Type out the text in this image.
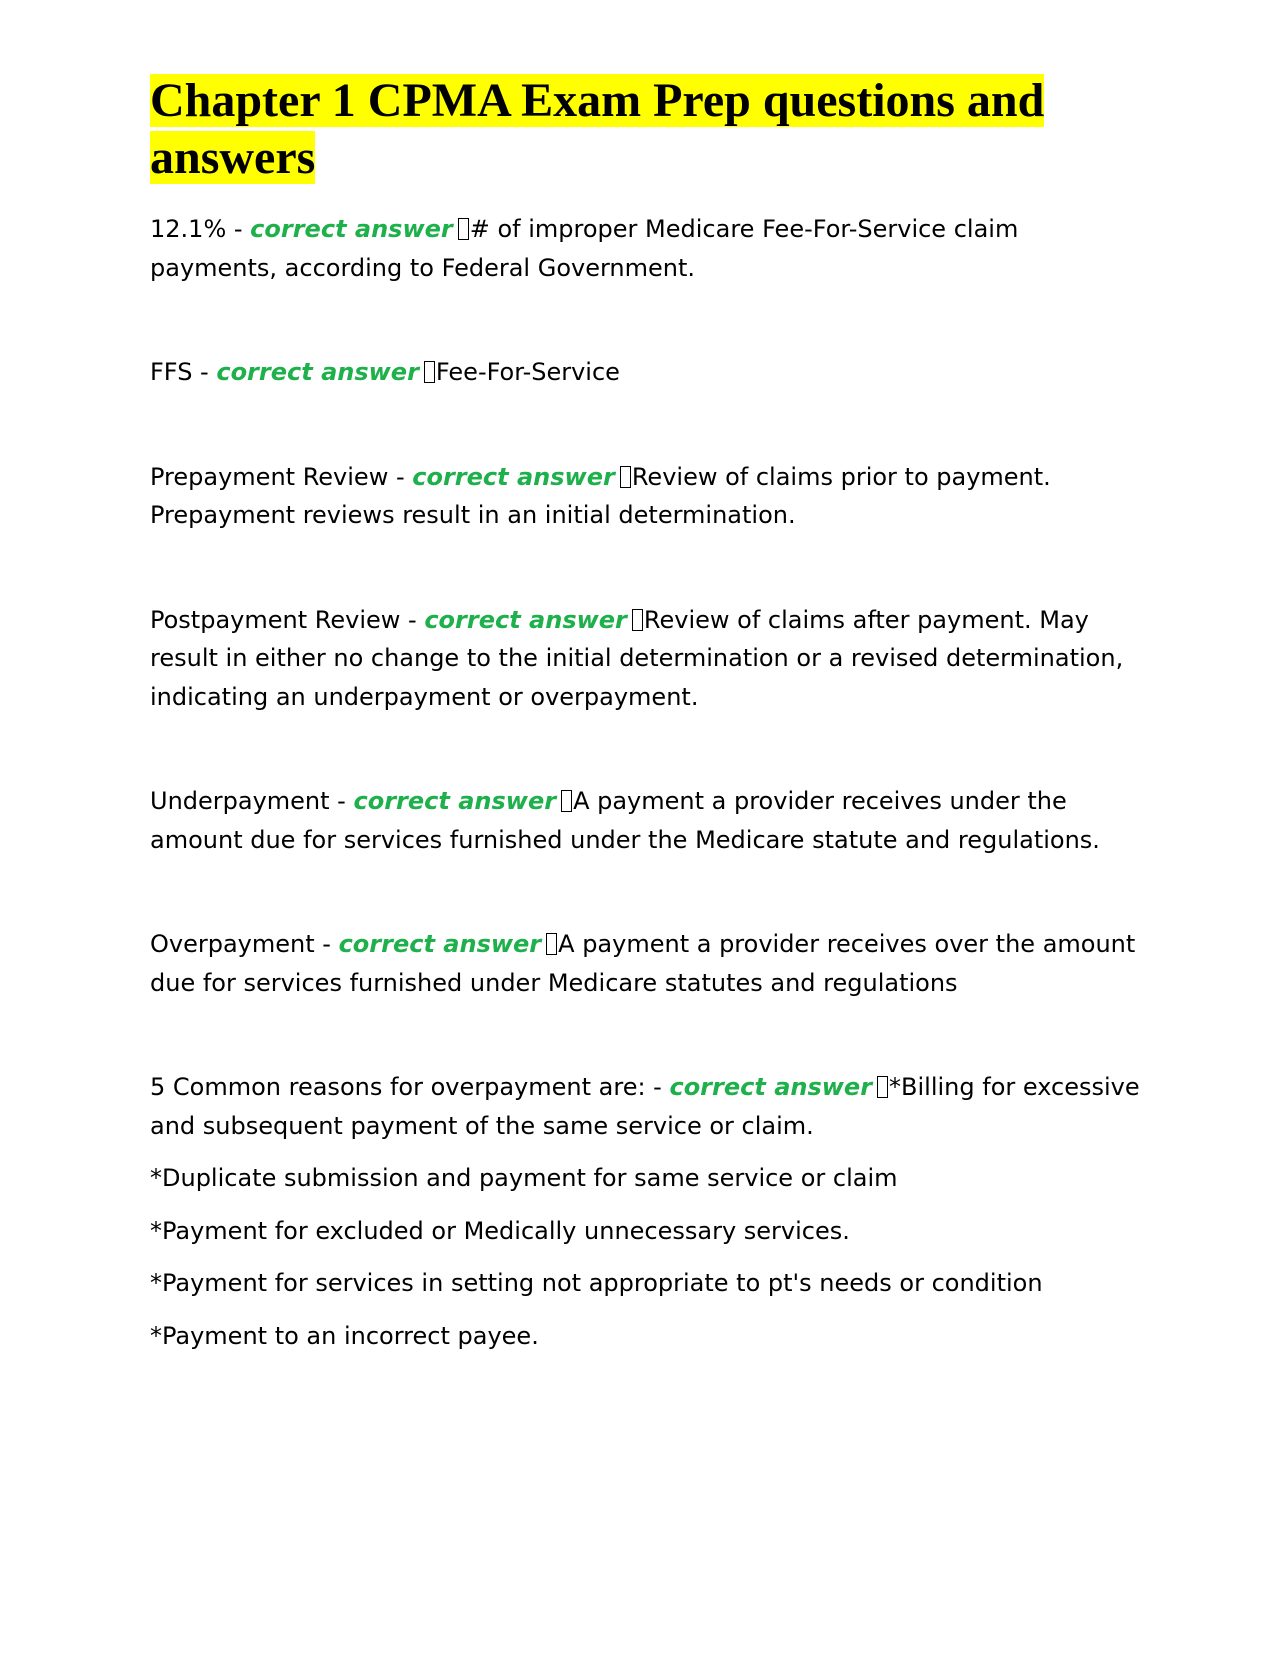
Chapter 1 CPMA Exam Prep questions and answers

12.1% - correct answer # of improper Medicare Fee-For-Service claim payments, according to Federal Government.

FFS - correct answer Fee-For-Service

Prepayment Review - correct answer Review of claims prior to payment. Prepayment reviews result in an initial determination.

Postpayment Review - correct answer Review of claims after payment. May result in either no change to the initial determination or a revised determination, indicating an underpayment or overpayment.

Underpayment - correct answer A payment a provider receives under the amount due for services furnished under the Medicare statute and regulations.

Overpayment - correct answer A payment a provider receives over the amount due for services furnished under Medicare statutes and regulations

5 Common reasons for overpayment are: - correct answer *Billing for excessive and subsequent payment of the same service or claim.

*Duplicate submission and payment for same service or claim

*Payment for excluded or Medically unnecessary services.

*Payment for services in setting not appropriate to pt's needs or condition

*Payment to an incorrect payee.
